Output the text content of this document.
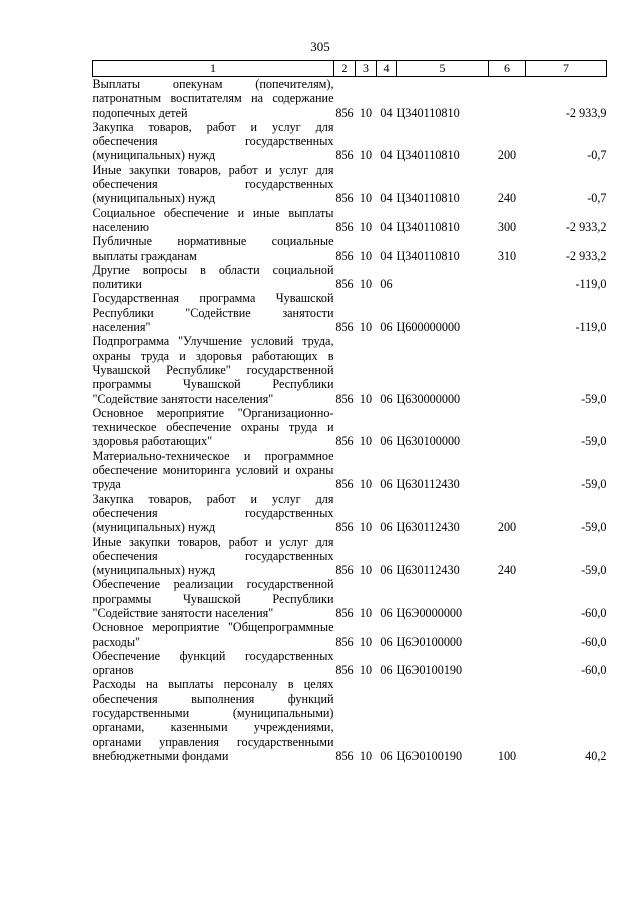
305
1	2	3	4	5	6	7
Выплаты опекунам (попечителям), патронатным воспитателям на содержание подопечных детей	856	10	04	Ц340110810		-2 933,9
Закупка товаров, работ и услуг для обеспечения государственных (муниципальных) нужд	856	10	04	Ц340110810	200	-0,7
Иные закупки товаров, работ и услуг для обеспечения государственных (муниципальных) нужд	856	10	04	Ц340110810	240	-0,7
Социальное обеспечение и иные выплаты населению	856	10	04	Ц340110810	300	-2 933,2
Публичные нормативные социальные выплаты гражданам	856	10	04	Ц340110810	310	-2 933,2
Другие вопросы в области социальной политики	856	10	06			-119,0
Государственная программа Чувашской Республики "Содействие занятости населения"	856	10	06	Ц600000000		-119,0
Подпрограмма "Улучшение условий труда, охраны труда и здоровья работающих в Чувашской Республике" государственной программы Чувашской Республики "Содействие занятости населения"	856	10	06	Ц630000000		-59,0
Основное мероприятие "Организационно-техническое обеспечение охраны труда и здоровья работающих"	856	10	06	Ц630100000		-59,0
Материально-техническое и программное обеспечение мониторинга условий и охраны труда	856	10	06	Ц630112430		-59,0
Закупка товаров, работ и услуг для обеспечения государственных (муниципальных) нужд	856	10	06	Ц630112430	200	-59,0
Иные закупки товаров, работ и услуг для обеспечения государственных (муниципальных) нужд	856	10	06	Ц630112430	240	-59,0
Обеспечение реализации государственной программы Чувашской Республики "Содействие занятости населения"	856	10	06	Ц6Э0000000		-60,0
Основное мероприятие "Общепрограммные расходы"	856	10	06	Ц6Э0100000		-60,0
Обеспечение функций государственных органов	856	10	06	Ц6Э0100190		-60,0
Расходы на выплаты персоналу в целях обеспечения выполнения функций государственными (муниципальными) органами, казенными учреждениями, органами управления государственными внебюджетными фондами	856	10	06	Ц6Э0100190	100	40,2
